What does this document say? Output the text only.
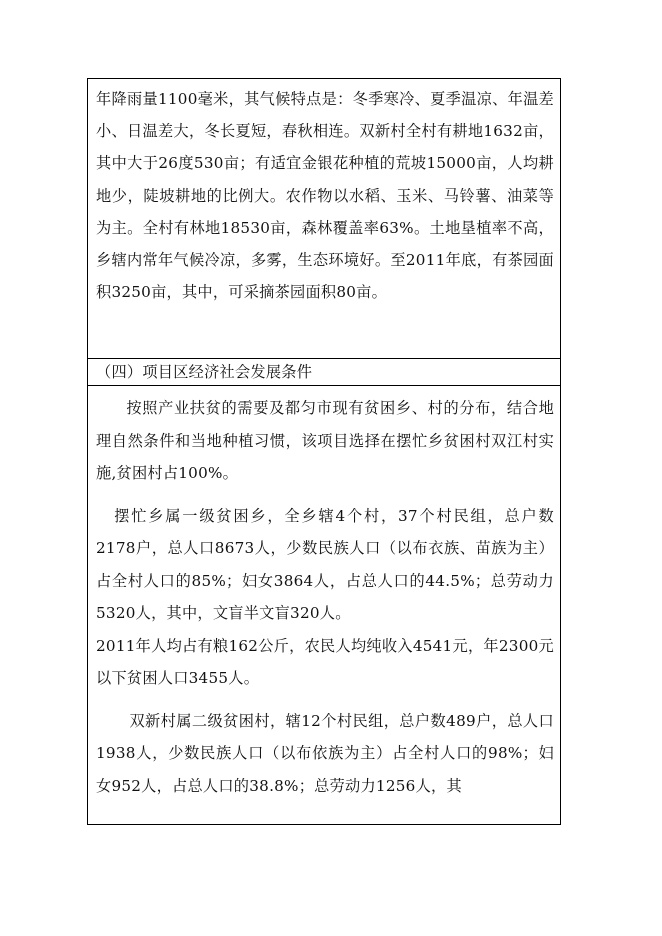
年降雨量1100毫米，其气候特点是：冬季寒冷、夏季温凉、年温差小、日温差大，冬长夏短，春秋相连。双新村全村有耕地1632亩，其中大于26度530亩；有适宜金银花种植的荒坡15000亩，人均耕地少，陡坡耕地的比例大。农作物以水稻、玉米、马铃薯、油菜等为主。全村有林地18530亩，森林覆盖率63%。土地垦植率不高，乡辖内常年气候冷凉，多雾，生态环境好。至2011年底，有茶园面积3250亩，其中，可采摘茶园面积80亩。

（四）项目区经济社会发展条件

按照产业扶贫的需要及都匀市现有贫困乡、村的分布，结合地理自然条件和当地种植习惯，该项目选择在摆忙乡贫困村双江村实施,贫困村占100%。

摆忙乡属一级贫困乡，全乡辖4个村，37个村民组，总户数2178户，总人口8673人，少数民族人口（以布衣族、苗族为主）占全村人口的85%；妇女3864人，占总人口的44.5%；总劳动力5320人，其中，文盲半文盲320人。

2011年人均占有粮162公斤，农民人均纯收入4541元，年2300元以下贫困人口3455人。

双新村属二级贫困村，辖12个村民组，总户数489户，总人口1938人，少数民族人口（以布依族为主）占全村人口的98%；妇女952人，占总人口的38.8%；总劳动力1256人，其
